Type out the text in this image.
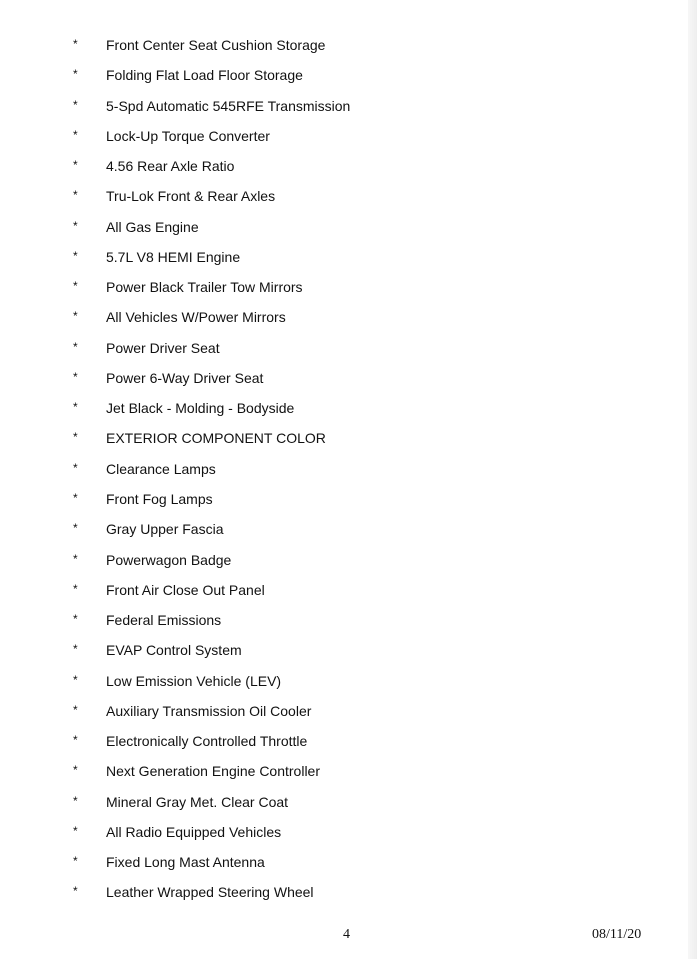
* Front Center Seat Cushion Storage
* Folding Flat Load Floor Storage
* 5-Spd Automatic 545RFE Transmission
* Lock-Up Torque Converter
* 4.56 Rear Axle Ratio
* Tru-Lok Front & Rear Axles
* All Gas Engine
* 5.7L V8 HEMI Engine
* Power Black Trailer Tow Mirrors
* All Vehicles W/Power Mirrors
* Power Driver Seat
* Power 6-Way Driver Seat
* Jet Black - Molding - Bodyside
* EXTERIOR COMPONENT COLOR
* Clearance Lamps
* Front Fog Lamps
* Gray Upper Fascia
* Powerwagon Badge
* Front Air Close Out Panel
* Federal Emissions
* EVAP Control System
* Low Emission Vehicle (LEV)
* Auxiliary Transmission Oil Cooler
* Electronically Controlled Throttle
* Next Generation Engine Controller
* Mineral Gray Met. Clear Coat
* All Radio Equipped Vehicles
* Fixed Long Mast Antenna
* Leather Wrapped Steering Wheel
4	08/11/20
